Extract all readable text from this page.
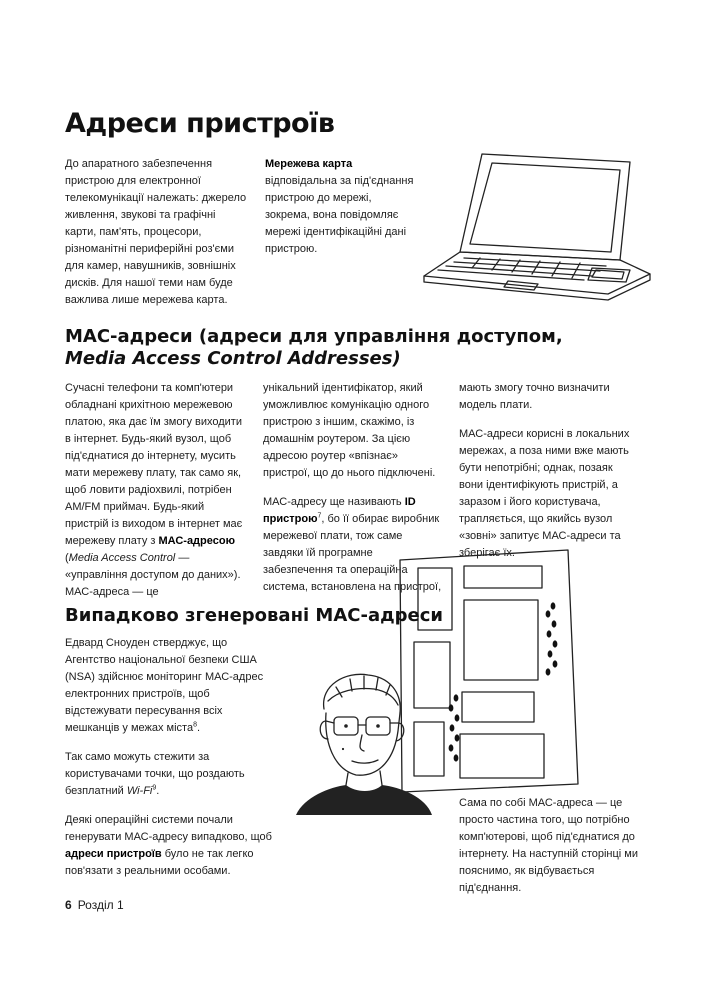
Адреси пристроїв

До апаратного забезпечення пристрою для електронної телекомунікації належать: джерело живлення, звукові та графічні карти, пам'ять, процесори, різноманітні периферійні роз'єми для камер, навушників, зовнішніх дисків. Для нашої теми нам буде важлива лише мережева карта.

Мережева карта відповідальна за під'єднання пристрою до мережі, зокрема, вона повідомляє мережі ідентифікаційні дані пристрою.

МАС-адреси (адреси для управління доступом,
Media Access Control Addresses)

Сучасні телефони та комп'ютери обладнані крихітною мережевою платою, яка дає їм змогу виходити в інтернет. Будь-який вузол, щоб під'єднатися до інтернету, мусить мати мережеву плату, так само як, щоб ловити радіохвилі, потрібен AM/FM приймач. Будь-який пристрій із виходом в інтернет має мережеву плату з МАС-адресою (Media Access Control — «управління доступом до даних»). МАС-адреса — це

унікальний ідентифікатор, який уможливлює комунікацію одного пристрою з іншим, скажімо, із домашнім роутером. За цією адресою роутер «впізнає» пристрої, що до нього підключені.

МАС-адресу ще називають ID пристрою$^7$, бо її обирає виробник мережевої плати, тож саме завдяки їй програмне забезпечення та операційна система, встановлена на пристрої,

мають змогу точно визначити модель плати.

МАС-адреси корисні в локальних мережах, а поза ними вже мають бути непотрібні; однак, позаяк вони ідентифікують пристрій, а заразом і його користувача, трапляється, що якийсь вузол «зовні» запитує МАС-адреси та зберігає їх.

Випадково згенеровані МАС-адреси

Едвард Сноуден стверджує, що Агентство національної безпеки США (NSA) здійснює моніторинг МАС-адрес електронних пристроїв, щоб відстежувати пересування всіх мешканців у межах міста$^8$.

Так само можуть стежити за користувачами точки, що роздають безплатний Wi-Fi$^9$.

Деякі операційні системи почали генерувати МАС-адресу випадково, щоб адреси пристроїв було не так легко пов'язати з реальними особами.

Сама по собі МАС-адреса — це просто частина того, що потрібно комп'ютерові, щоб під'єднатися до інтернету. На наступній сторінці ми пояснимо, як відбувається під'єднання.

6 Розділ 1
